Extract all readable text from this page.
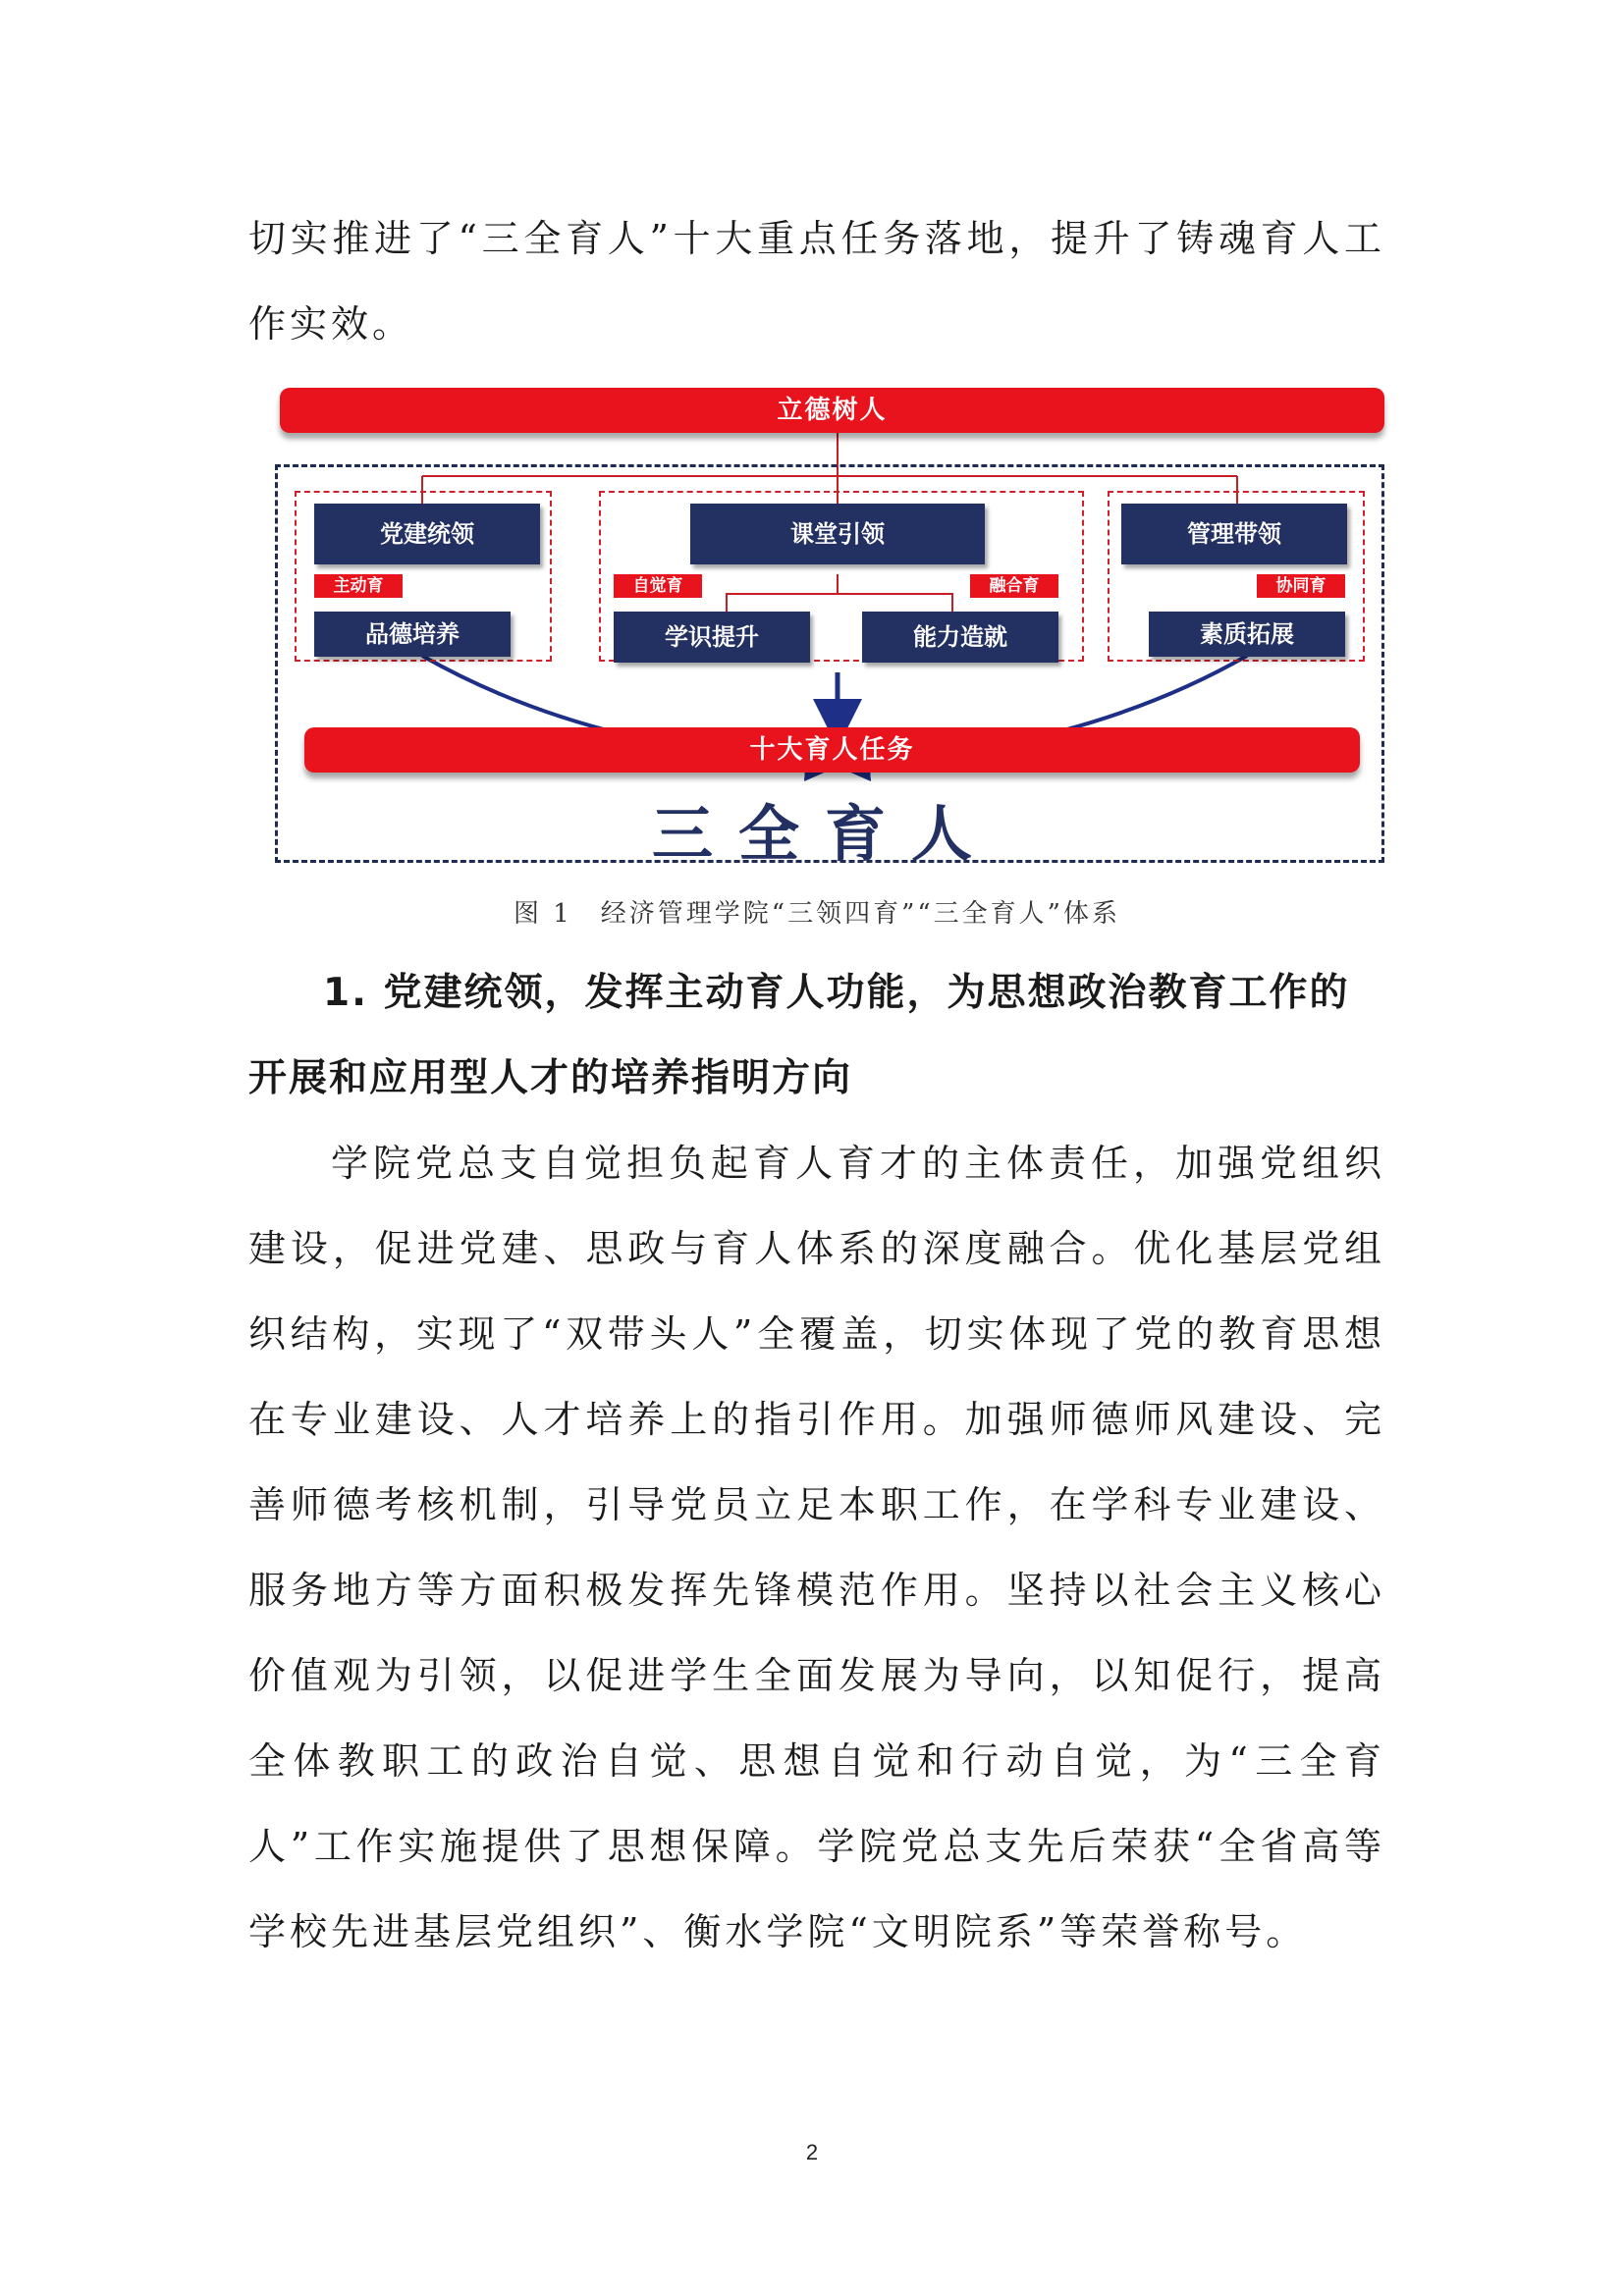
切实推进了“三全育人”十大重点任务落地，提升了铸魂育人工作实效。

立德树人
党建统领
主动育
品德培养
课堂引领
自觉育	融合育
学识提升	能力造就
管理带领
协同育
素质拓展
十大育人任务
三全育人

图 1　经济管理学院“三领四育”“三全育人”体系

1. 党建统领，发挥主动育人功能，为思想政治教育工作的开展和应用型人才的培养指明方向

学院党总支自觉担负起育人育才的主体责任，加强党组织建设，促进党建、思政与育人体系的深度融合。优化基层党组织结构，实现了“双带头人”全覆盖，切实体现了党的教育思想在专业建设、人才培养上的指引作用。加强师德师风建设、完善师德考核机制，引导党员立足本职工作，在学科专业建设、服务地方等方面积极发挥先锋模范作用。坚持以社会主义核心价值观为引领，以促进学生全面发展为导向，以知促行，提高全体教职工的政治自觉、思想自觉和行动自觉，为“三全育人”工作实施提供了思想保障。学院党总支先后荣获“全省高等学校先进基层党组织”、衡水学院“文明院系”等荣誉称号。

2
